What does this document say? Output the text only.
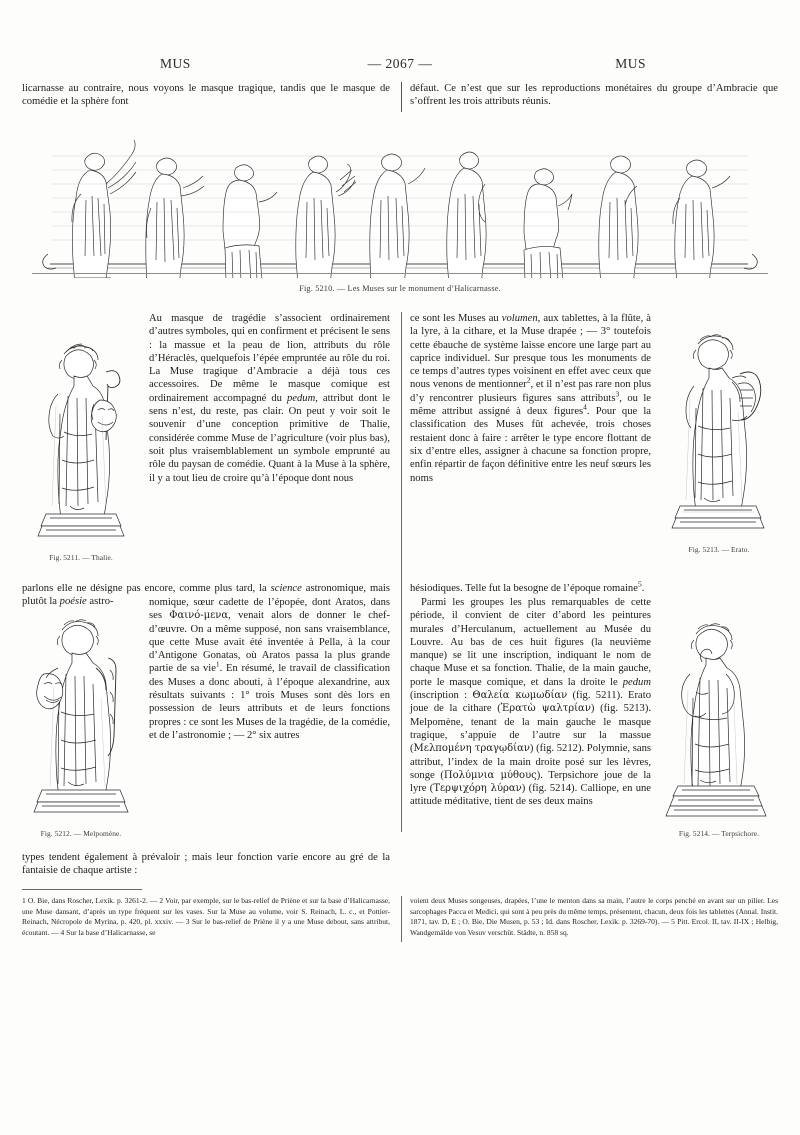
MUS	— 2067 —	MUS

licarnasse au contraire, nous voyons le masque tragique, tandis que le masque de comédie et la sphère font

défaut. Ce n’est que sur les reproductions monétaires du groupe d’Ambracie que s’offrent les trois attributs réunis.

Fig. 5210. — Les Muses sur le monument d’Halicarnasse.
Fig. 5211. — Thalie.

Au masque de tragédie s’associent ordinairement d’autres symboles, qui en confirment et précisent le sens : la massue et la peau de lion, attributs du rôle d’Héraclès, quelquefois l’épée empruntée au rôle du roi. La Muse tragique d’Ambracie a déjà tous ces accessoires. De même le masque comique est ordinairement accompagné du pedum, attribut dont le sens n’est, du reste, pas clair. On peut y voir soit le souvenir d’une conception primitive de Thalie, considérée comme Muse de l’agriculture (voir plus bas), soit plus vraisemblablement un symbole emprunté au rôle du paysan de comédie. Quant à la Muse à la sphère, il y a tout lieu de croire qu’à l’époque dont nous

Fig. 5213. — Erato.

ce sont les Muses au volumen, aux tablettes, à la flûte, à la lyre, à la cithare, et la Muse drapée ; — 3° toutefois cette ébauche de système laisse encore une large part au caprice individuel. Sur presque tous les monuments de ce temps d’autres types voisinent en effet avec ceux que nous venons de mentionner$^2$, et il n’est pas rare non plus d’y rencontrer plusieurs figures sans attributs$^3$, ou le même attribut assigné à deux figures$^4$. Pour que la classification des Muses fût achevée, trois choses restaient donc à faire : arrêter le type encore flottant de six d’entre elles, assigner à chacune sa fonction propre, enfin répartir de façon définitive entre les neuf sœurs les noms

parlons elle ne désigne pas encore, comme plus tard, la science astronomique, mais plutôt la poésie astro-
hésiodiques. Telle fut la besogne de l’époque romaine$^5$.
Fig. 5212. — Melpomène.

nomique, sœur cadette de l’épopée, dont Aratos, dans ses Φαινό-μενα, venait alors de donner le chef-d’œuvre. On a même supposé, non sans vraisemblance, que cette Muse avait été inventée à Pella, à la cour d’Antigone Gonatas, où Aratos passa la plus grande partie de sa vie$^1$. En résumé, le travail de classification des Muses a donc abouti, à l’époque alexandrine, aux résultats suivants : 1° trois Muses sont dès lors en possession de leurs attributs et de leurs fonctions propres : ce sont les Muses de la tragédie, de la comédie, et de l’astronomie ; — 2° six autres

Fig. 5214. — Terpsichore.

Parmi les groupes les plus remarquables de cette période, il convient de citer d’abord les peintures murales d’Herculanum, actuellement au Musée du Louvre. Au bas de ces huit figures (la neuvième manque) se lit une inscription, indiquant le nom de chaque Muse et sa fonction. Thalie, de la main gauche, porte le masque comique, et dans la droite le pedum (inscription : Θαλεία κωμωδίαν (fig. 5211). Erato joue de la cithare (Ἐρατὼ ψαλτρίαν) (fig. 5213). Melpomène, tenant de la main gauche le masque tragique, s’appuie de l’autre sur la massue (Μελπομένη τραγῳδίαν) (fig. 5212). Polymnie, sans attribut, l’index de la main droite posé sur les lèvres, songe (Πολύμνια μύθους). Terpsichore joue de la lyre (Τερψιχόρη λύραν) (fig. 5214). Calliope, en une attitude méditative, tient de ses deux mains

types tendent également à prévaloir ; mais leur fonction varie encore au gré de la fantaisie de chaque artiste :
1 O. Bie, dans Roscher, Lexik. p. 3261-2. — 2 Voir, par exemple, sur le bas-relief de Priène et sur la base d’Halicarnasse, une Muse dansant, d’après un type fréquent sur les vases. Sur la Muse au volume, voir S. Reinach, L. c., et Pottier-Reinach, Nécropole de Myrina, p. 420, pl. xxxiv. — 3 Sur le bas-relief de Priène il y a une Muse debout, sans attribut, écoutant. — 4 Sur la base d’Halicarnasse, se
voient deux Muses songeuses, drapées, l’une le menton dans sa main, l’autre le corps penché en avant sur un pilier. Les sarcophages Pacca et Medici, qui sont à peu près du même temps, présentent, chacun, deux fois les tablettes (Annal. Instit. 1871, tav. D, E ; O. Bie, Die Musen, p. 53 ; Id. dans Roscher, Lexik. p. 3269-70). — 5 Pitt. Ercol. II, tav. II-IX ; Helbig, Wandgemälde von Vesuv verschüt. Städte, n. 858 sq.
